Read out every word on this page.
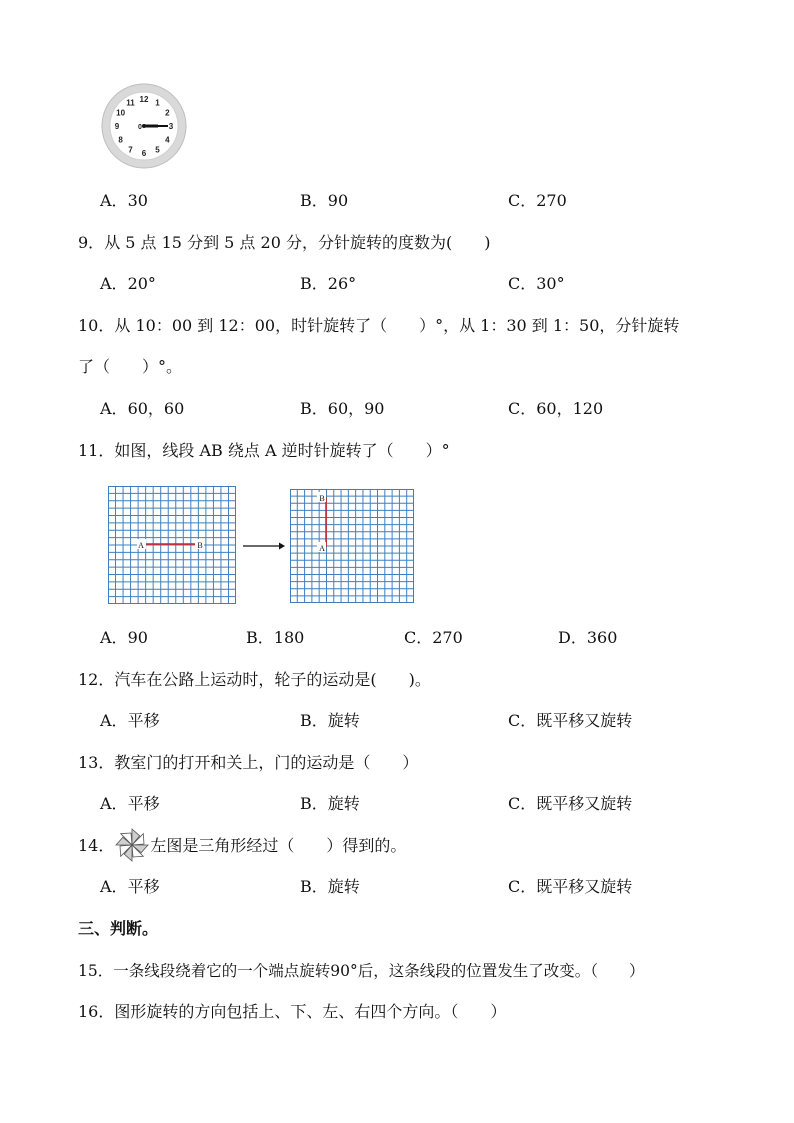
12 1
2
3
4
5
6
7
8
9
10
11
0
A．30	B．90	C．270
9．从 5 点 15 分到 5 点 20 分，分针旋转的度数为(　　)
A．20°	B．26°	C．30°
10．从 10：00 到 12：00，时针旋转了（　　）°，从 1：30 到 1：50，分针旋转
了（　　）°。
A．60，60	B．60，90	C．60，120
11．如图，线段 AB 绕点 A 逆时针旋转了（　　）°
A	B
B
A
A．90	B．180	C．270	D．360
12．汽车在公路上运动时，轮子的运动是(　　)。
A．平移	B．旋转	C．既平移又旋转
13．教室门的打开和关上，门的运动是（　　）
A．平移	B．旋转	C．既平移又旋转
14． 左图是三角形经过（　　）得到的。
A．平移	B．旋转	C．既平移又旋转
三、判断。
15．一条线段绕着它的一个端点旋转90°后，这条线段的位置发生了改变。（　　）
16．图形旋转的方向包括上、下、左、右四个方向。（　　）
